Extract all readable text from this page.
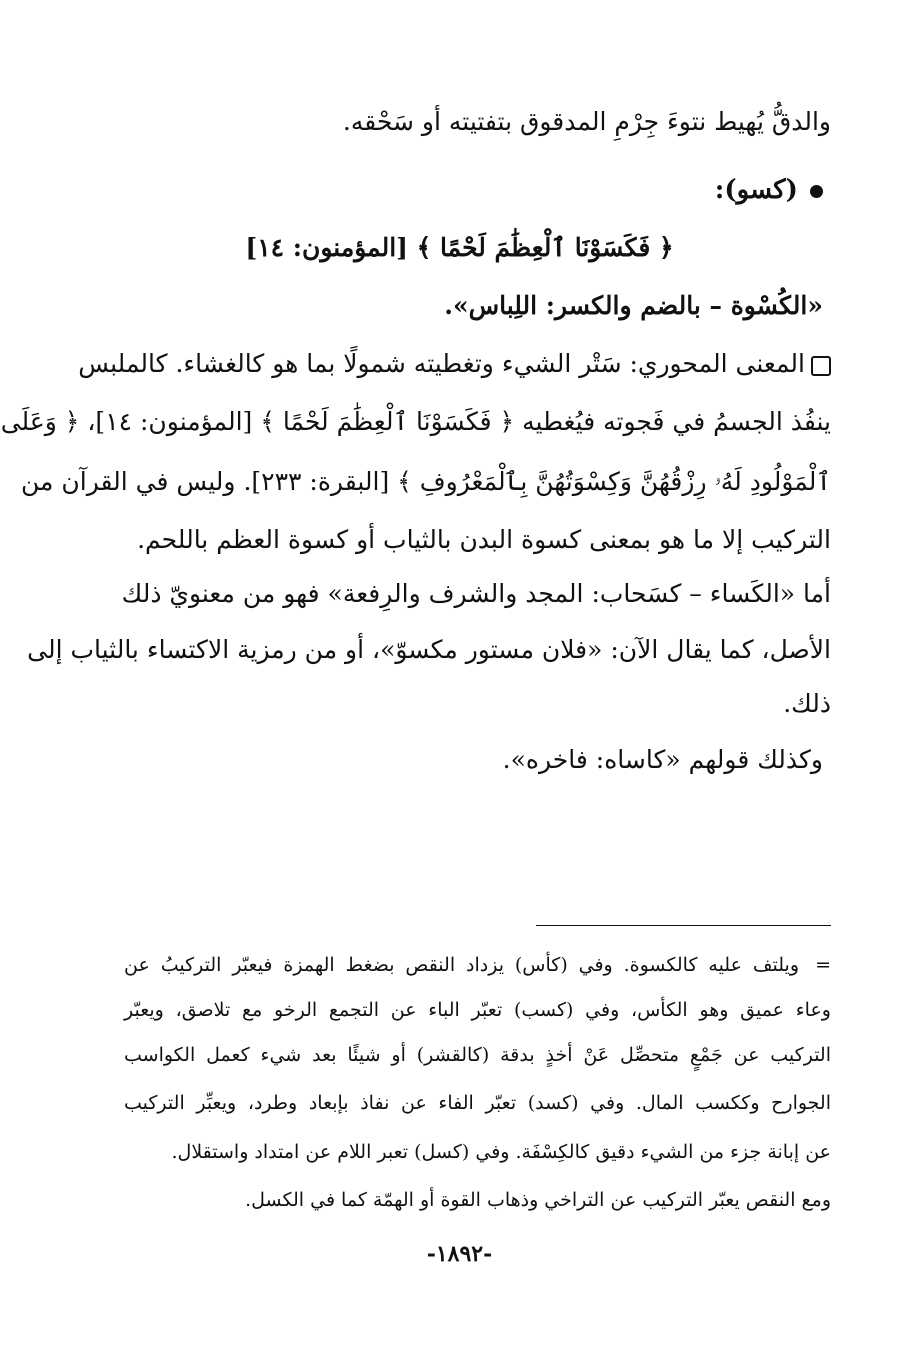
والدقُّ يُهيط نتوءَ جِرْمِ المدقوق بتفتيته أو سَحْقه.
(كسو):
﴿ فَكَسَوْنَا ٱلْعِظَٰمَ لَحْمًا ﴾ [المؤمنون: ١٤]
«الكُسْوة – بالضم والكسر: اللِباس».
المعنى المحوري: سَتْر الشيء وتغطيته شمولًا بما هو كالغشاء. كالملبس
ينفُذ الجسمُ في فَجوته فيُغطيه ﴿ فَكَسَوْنَا ٱلْعِظَٰمَ لَحْمًا ﴾ [المؤمنون: ١٤]، ﴿ وَعَلَى
ٱلْمَوْلُودِ لَهُۥ رِزْقُهُنَّ وَكِسْوَتُهُنَّ بِٱلْمَعْرُوفِ ﴾ [البقرة: ٢٣٣]. وليس في القرآن من
التركيب إلا ما هو بمعنى كسوة البدن بالثياب أو كسوة العظم باللحم.
أما «الكَساء – كسَحاب: المجد والشرف والرِفعة» فهو من معنويّ ذلك
الأصل، كما يقال الآن: «فلان مستور مكسوّ»، أو من رمزية الاكتساء بالثياب إلى
ذلك.
وكذلك قولهم «كاساه: فاخره».
=
ويلتف عليه كالكسوة. وفي (كأس) يزداد النقص بضغط الهمزة فيعبّر التركيبُ عن
وعاء عميق وهو الكأس، وفي (كسب) تعبّر الباء عن التجمع الرخو مع تلاصق، ويعبّر
التركيب عن جَمْعٍ متحصِّل عَنْ أخذٍ بدقة (كالقشر) أو شيئًا بعد شيء كعمل الكواسب
الجوارح وككسب المال. وفي (كسد) تعبّر الفاء عن نفاذ بإبعاد وطرد، ويعبِّر التركيب
عن إبانة جزء من الشيء دقيق كالكِسْفَة. وفي (كسل) تعبر اللام عن امتداد واستقلال.
ومع النقص يعبّر التركيب عن التراخي وذهاب القوة أو الهمّة كما في الكسل.
-١٨٩٢-
